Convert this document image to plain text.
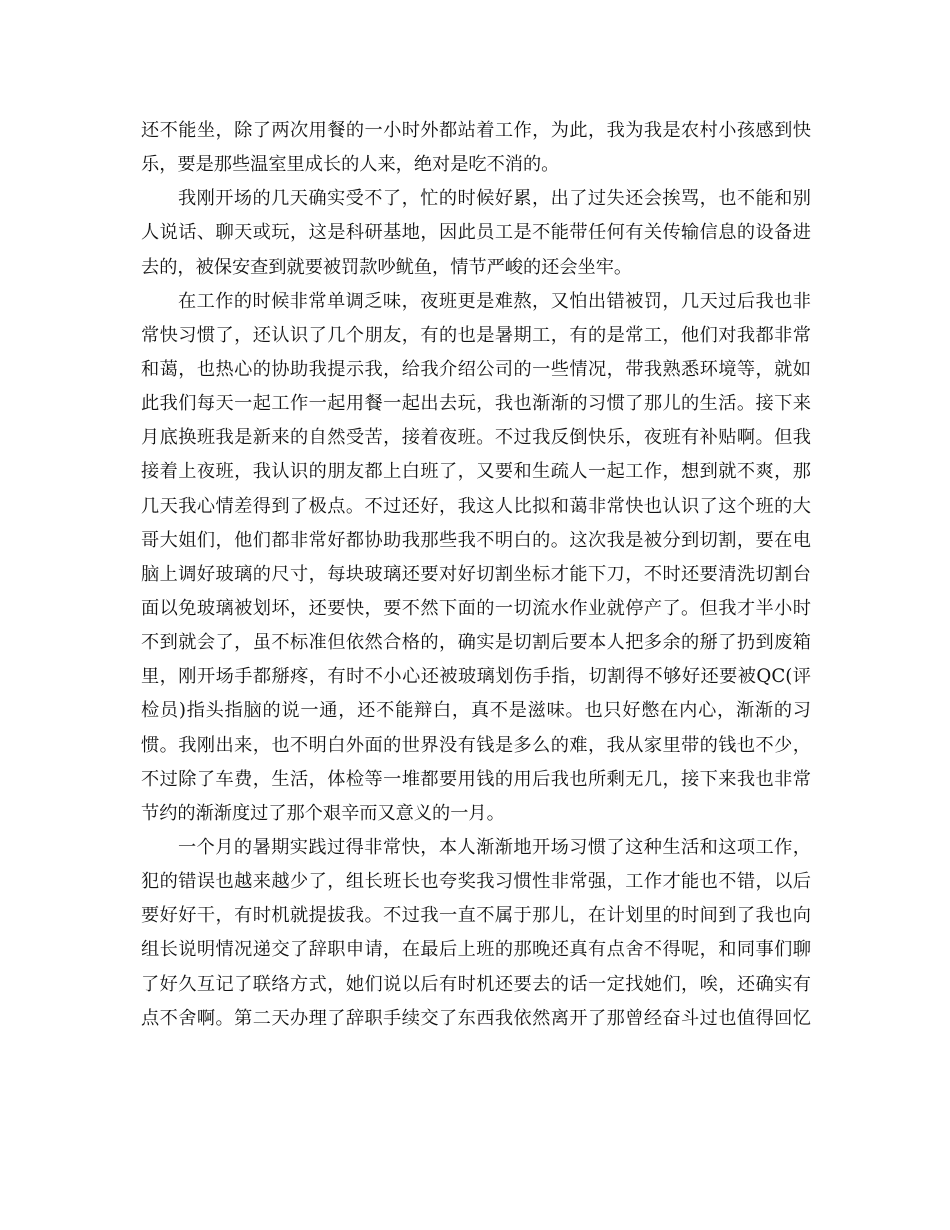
还不能坐，除了两次用餐的一小时外都站着工作，为此，我为我是农村小孩感到快
乐，要是那些温室里成长的人来，绝对是吃不消的。
我刚开场的几天确实受不了，忙的时候好累，出了过失还会挨骂，也不能和别
人说话、聊天或玩，这是科研基地，因此员工是不能带任何有关传输信息的设备进
去的，被保安查到就要被罚款吵鱿鱼，情节严峻的还会坐牢。
在工作的时候非常单调乏味，夜班更是难熬，又怕出错被罚，几天过后我也非
常快习惯了，还认识了几个朋友，有的也是暑期工，有的是常工，他们对我都非常
和蔼，也热心的协助我提示我，给我介绍公司的一些情况，带我熟悉环境等，就如
此我们每天一起工作一起用餐一起出去玩，我也渐渐的习惯了那儿的生活。接下来
月底换班我是新来的自然受苦，接着夜班。不过我反倒快乐，夜班有补贴啊。但我
接着上夜班，我认识的朋友都上白班了，又要和生疏人一起工作，想到就不爽，那
几天我心情差得到了极点。不过还好，我这人比拟和蔼非常快也认识了这个班的大
哥大姐们，他们都非常好都协助我那些我不明白的。这次我是被分到切割，要在电
脑上调好玻璃的尺寸，每块玻璃还要对好切割坐标才能下刀，不时还要清洗切割台
面以免玻璃被划坏，还要快，要不然下面的一切流水作业就停产了。但我才半小时
不到就会了，虽不标准但依然合格的，确实是切割后要本人把多余的掰了扔到废箱
里，刚开场手都掰疼，有时不小心还被玻璃划伤手指，切割得不够好还要被QC(评
检员)指头指脑的说一通，还不能辩白，真不是滋味。也只好憋在内心，渐渐的习
惯。我刚出来，也不明白外面的世界没有钱是多么的难，我从家里带的钱也不少，
不过除了车费，生活，体检等一堆都要用钱的用后我也所剩无几，接下来我也非常
节约的渐渐度过了那个艰辛而又意义的一月。
一个月的暑期实践过得非常快，本人渐渐地开场习惯了这种生活和这项工作，
犯的错误也越来越少了，组长班长也夸奖我习惯性非常强，工作才能也不错，以后
要好好干，有时机就提拔我。不过我一直不属于那儿，在计划里的时间到了我也向
组长说明情况递交了辞职申请，在最后上班的那晚还真有点舍不得呢，和同事们聊
了好久互记了联络方式，她们说以后有时机还要去的话一定找她们，唉，还确实有
点不舍啊。第二天办理了辞职手续交了东西我依然离开了那曾经奋斗过也值得回忆
